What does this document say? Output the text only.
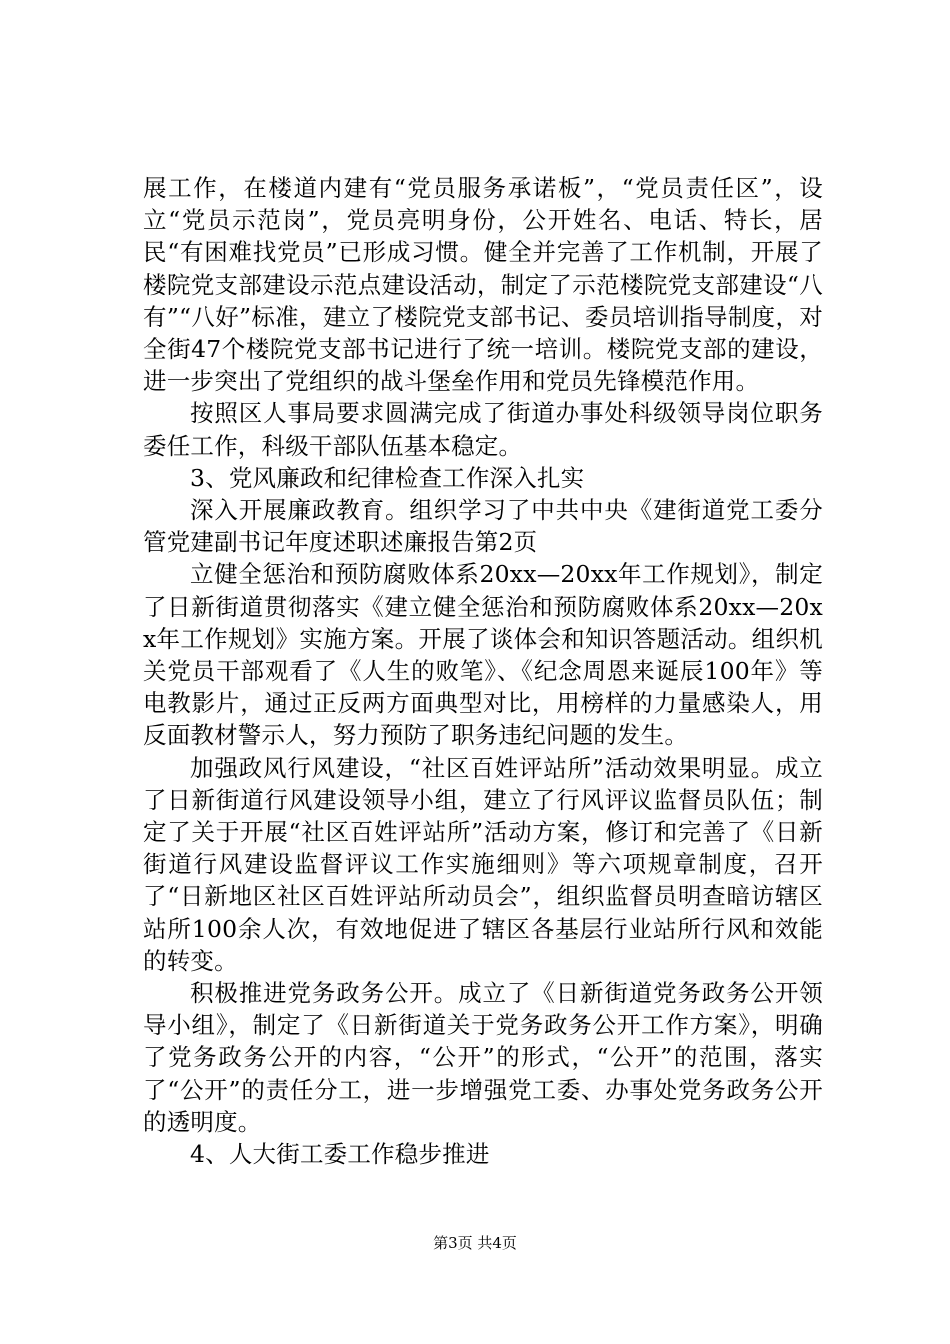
展工作，在楼道内建有“党员服务承诺板”，“党员责任区”，设立“党员示范岗”，党员亮明身份，公开姓名、电话、特长，居民“有困难找党员”已形成习惯。健全并完善了工作机制，开展了楼院党支部建设示范点建设活动，制定了示范楼院党支部建设“八有”“八好”标准，建立了楼院党支部书记、委员培训指导制度，对全街47个楼院党支部书记进行了统一培训。楼院党支部的建设，进一步突出了党组织的战斗堡垒作用和党员先锋模范作用。

按照区人事局要求圆满完成了街道办事处科级领导岗位职务委任工作，科级干部队伍基本稳定。

3、党风廉政和纪律检查工作深入扎实

深入开展廉政教育。组织学习了中共中央《建街道党工委分管党建副书记年度述职述廉报告第2页

立健全惩治和预防腐败体系20xx—20xx年工作规划》，制定了日新街道贯彻落实《建立健全惩治和预防腐败体系20xx—20xx年工作规划》实施方案。开展了谈体会和知识答题活动。组织机关党员干部观看了《人生的败笔》、《纪念周恩来诞辰100年》等电教影片，通过正反两方面典型对比，用榜样的力量感染人，用反面教材警示人，努力预防了职务违纪问题的发生。

加强政风行风建设，“社区百姓评站所”活动效果明显。成立了日新街道行风建设领导小组，建立了行风评议监督员队伍；制定了关于开展“社区百姓评站所”活动方案，修订和完善了《日新街道行风建设监督评议工作实施细则》等六项规章制度，召开了“日新地区社区百姓评站所动员会”，组织监督员明查暗访辖区站所100余人次，有效地促进了辖区各基层行业站所行风和效能的转变。

积极推进党务政务公开。成立了《日新街道党务政务公开领导小组》，制定了《日新街道关于党务政务公开工作方案》，明确了党务政务公开的内容，“公开”的形式，“公开”的范围，落实了“公开”的责任分工，进一步增强党工委、办事处党务政务公开的透明度。

4、人大街工委工作稳步推进

第3页 共4页
